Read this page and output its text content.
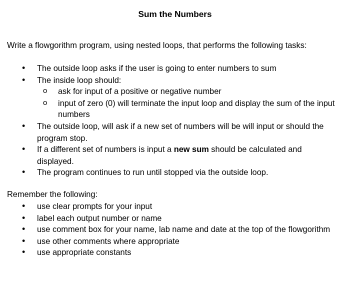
Sum the Numbers
Write a flowgorithm program, using nested loops, that performs the following tasks:
• The outside loop asks if the user is going to enter numbers to sum
• The inside loop should:
o ask for input of a positive or negative number
o input of zero (0) will terminate the input loop and display the sum of the input numbers
• The outside loop, will ask if a new set of numbers will be will input or should the program stop.
• If a different set of numbers is input a new sum should be calculated and displayed.
• The program continues to run until stopped via the outside loop.
Remember the following:
• use clear prompts for your input
• label each output number or name
• use comment box for your name, lab name and date at the top of the flowgorithm
• use other comments where appropriate
• use appropriate constants
